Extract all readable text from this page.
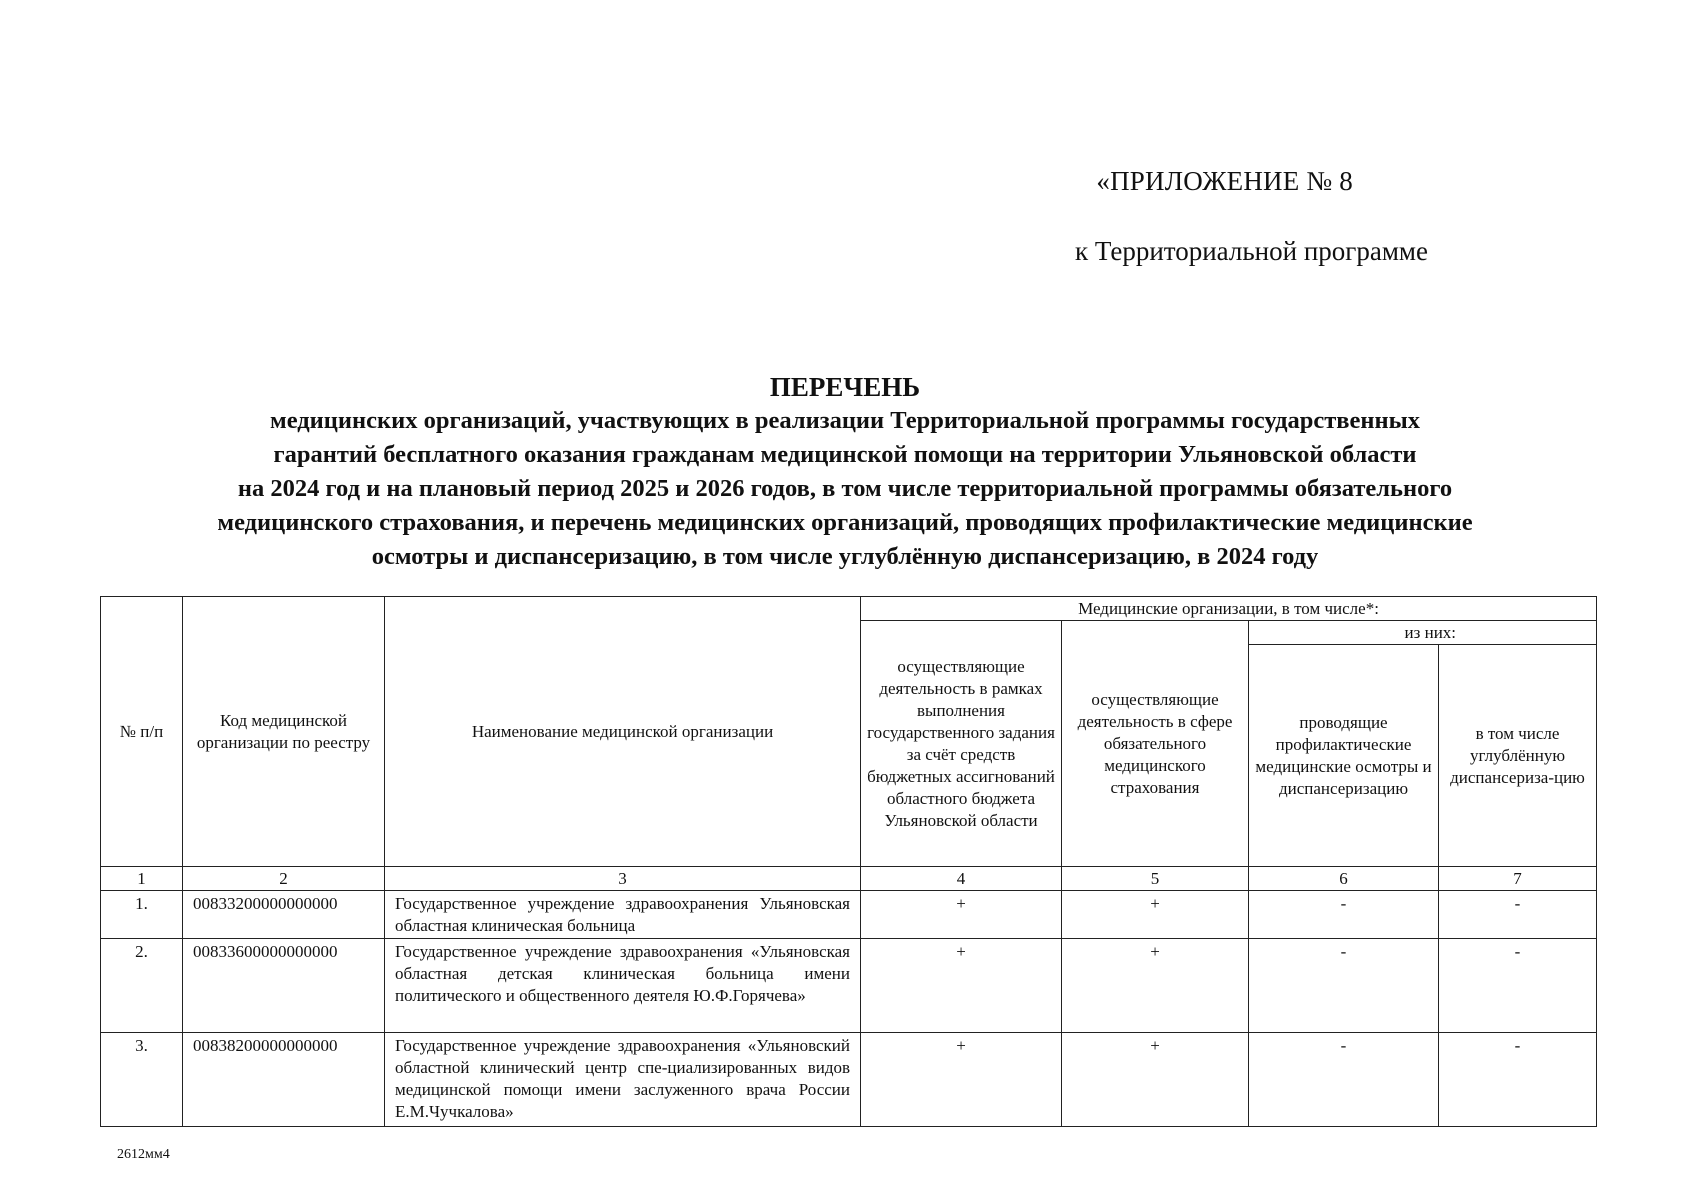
«ПРИЛОЖЕНИЕ № 8
к Территориальной программе
ПЕРЕЧЕНЬ
медицинских организаций, участвующих в реализации Территориальной программы государственных
гарантий бесплатного оказания гражданам медицинской помощи на территории Ульяновской области
на 2024 год и на плановый период 2025 и 2026 годов, в том числе территориальной программы обязательного
медицинского страхования, и перечень медицинских организаций, проводящих профилактические медицинские
осмотры и диспансеризацию, в том числе углублённую диспансеризацию, в 2024 году
№ п/п	Код медицинской организации по реестру	Наименование медицинской организации	Медицинские организации, в том числе*:			
			осуществляющие деятельность в рамках выполнения государственного задания за счёт средств бюджетных ассигнований областного бюджета Ульяновской области	осуществляющие деятельность в сфере обязательного медицинского страхования	из них:	
					проводящие профилактические медицинские осмотры и диспансеризацию	в том числе углублённую диспансериза-цию
1	2	3	4	5	6	7
1.	00833200000000000	Государственное учреждение здравоохранения Ульяновская областная клиническая больница	+	+	-	-
2.	00833600000000000	Государственное учреждение здравоохранения «Ульяновская областная детская клиническая больница имени политического и общественного деятеля Ю.Ф.Горячева»	+	+	-	-
3.	00838200000000000	Государственное учреждение здравоохранения «Ульяновский областной клинический центр спе-циализированных видов медицинской помощи имени заслуженного врача России Е.М.Чучкалова»	+	+	-	-
2612мм4
